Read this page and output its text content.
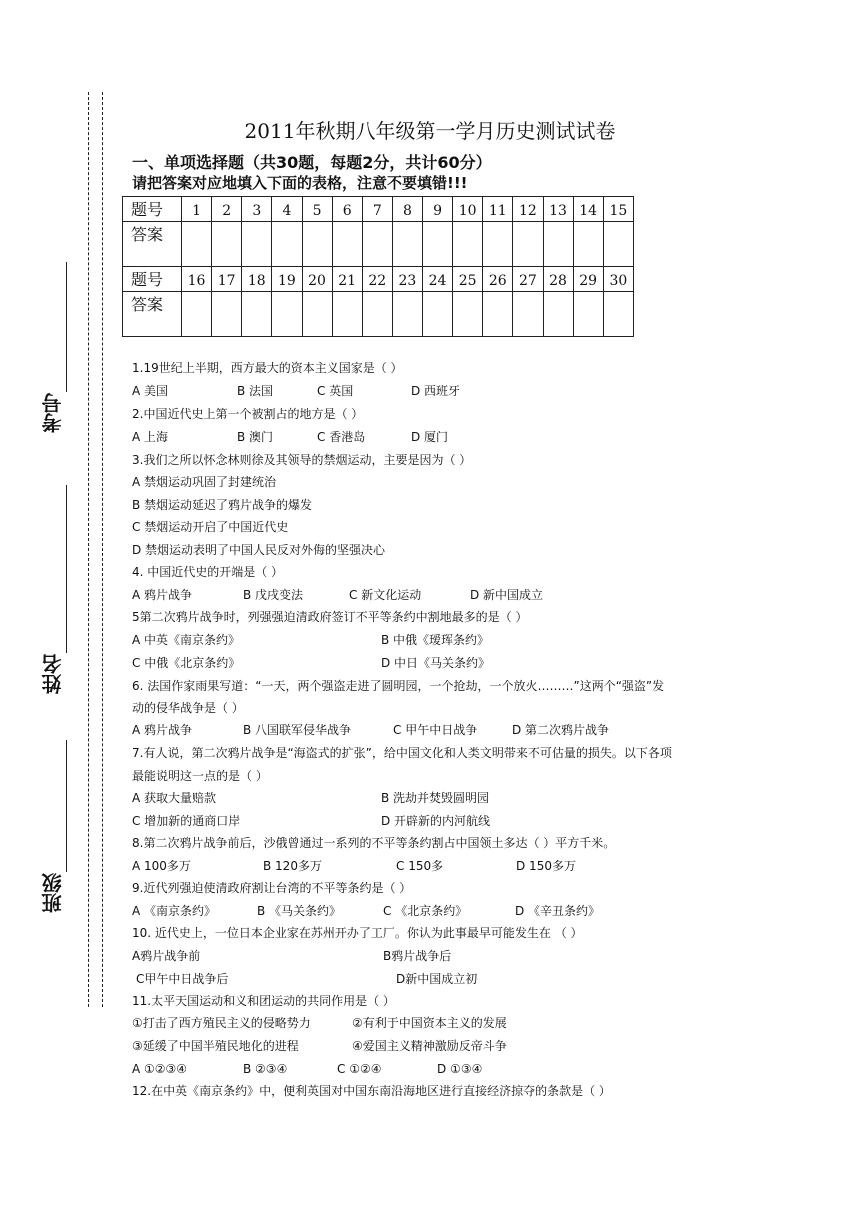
考号
姓名
班级
2011年秋期八年级第一学月历史测试试卷
一、单项选择题（共30题，每题2分，共计60分）
请把答案对应地填入下面的表格，注意不要填错!!!
题号	1	2	3	4	5	6	7	8	9	10	11	12	13	14	15
答案															
题号	16	17	18	19	20	21	22	23	24	25	26	27	28	29	30
答案															
1.19世纪上半期，西方最大的资本主义国家是（ ）
A 美国	B 法国	C 英国	D 西班牙
2.中国近代史上第一个被割占的地方是（ ）
A 上海	B 澳门	C 香港岛	D 厦门
3.我们之所以怀念林则徐及其领导的禁烟运动，主要是因为（ ）
A 禁烟运动巩固了封建统治
B 禁烟运动延迟了鸦片战争的爆发
C 禁烟运动开启了中国近代史
D 禁烟运动表明了中国人民反对外侮的坚强决心
4. 中国近代史的开端是（ ）
A 鸦片战争	B 戊戌变法	C 新文化运动	D 新中国成立
5第二次鸦片战争时，列强强迫清政府签订不平等条约中割地最多的是（ ）
A 中英《南京条约》	B 中俄《瑷珲条约》
C 中俄《北京条约》	D 中日《马关条约》
6. 法国作家雨果写道：“一天，两个强盗走进了圆明园，一个抢劫，一个放火………”这两个“强盗”发
动的侵华战争是（ ）
A 鸦片战争	B 八国联军侵华战争	C 甲午中日战争	D 第二次鸦片战争
7.有人说，第二次鸦片战争是“海盗式的扩张”，给中国文化和人类文明带来不可估量的损失。以下各项
最能说明这一点的是（ ）
A 获取大量赔款	B 洗劫并焚毁圆明园
C 增加新的通商口岸	D 开辟新的内河航线
8.第二次鸦片战争前后，沙俄曾通过一系列的不平等条约割占中国领土多达（ ）平方千米。
A 100多万	B 120多万	C 150多	D 150多万
9.近代列强迫使清政府割让台湾的不平等条约是（ ）
A 《南京条约》	B 《马关条约》	C 《北京条约》	D 《辛丑条约》
10. 近代史上，一位日本企业家在苏州开办了工厂。你认为此事最早可能发生在 （ ）
A鸦片战争前	B鸦片战争后
C甲午中日战争后	D新中国成立初
11.太平天国运动和义和团运动的共同作用是（ ）
①打击了西方殖民主义的侵略势力	②有利于中国资本主义的发展
③延缓了中国半殖民地化的进程	④爱国主义精神激励反帝斗争
A ①②③④	B ②③④	C ①②④	D ①③④
12.在中英《南京条约》中，便利英国对中国东南沿海地区进行直接经济掠夺的条款是（ ）
